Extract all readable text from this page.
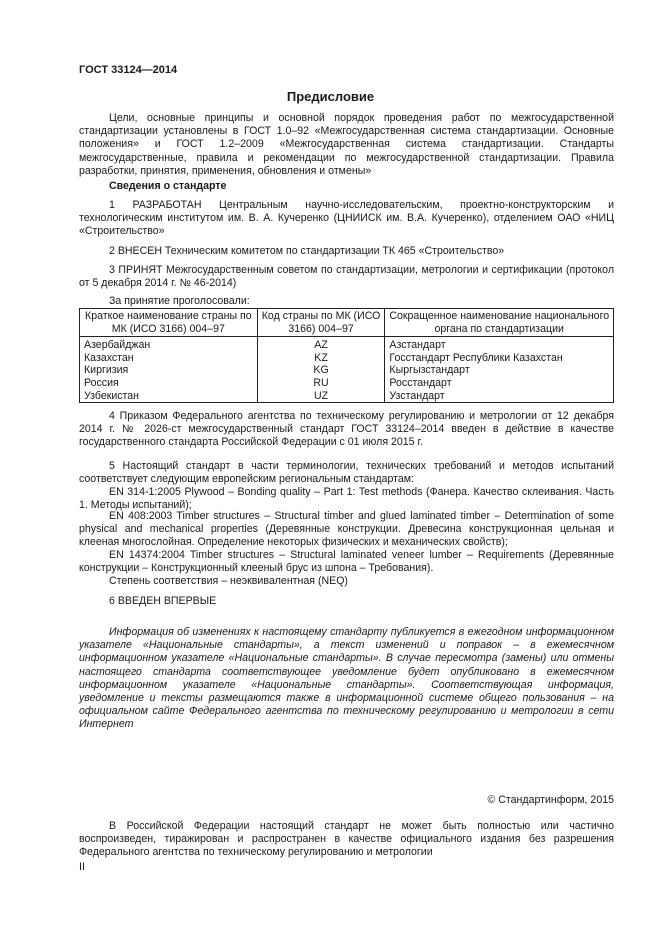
ГОСТ 33124—2014
Предисловие
Цели, основные принципы и основной порядок проведения работ по межгосударственной стандартизации установлены в ГОСТ 1.0–92 «Межгосударственная система стандартизации. Основные положения» и ГОСТ 1.2–2009 «Межгосударственная система стандартизации. Стандарты межгосударственные, правила и рекомендации по межгосударственной стандартизации. Правила разработки, принятия, применения, обновления и отмены»
Сведения о стандарте
1 РАЗРАБОТАН Центральным научно-исследовательским, проектно-конструкторским и технологическим институтом им. В. А. Кучеренко (ЦНИИСК им. В.А. Кучеренко), отделением ОАО «НИЦ «Строительство»
2 ВНЕСЕН Техническим комитетом по стандартизации ТК 465 «Строительство»
3 ПРИНЯТ Межгосударственным советом по стандартизации, метрологии и сертификации (протокол от 5 декабря 2014 г. № 46-2014)
За принятие проголосовали:
Краткое наименование страны по МК (ИСО 3166) 004–97	Код страны по МК (ИСО 3166) 004–97	Сокращенное наименование национального органа по стандартизации
Азербайджан	AZ	Азстандарт
Казахстан	KZ	Госстандарт Республики Казахстан
Киргизия	KG	Кыргызстандарт
Россия	RU	Росстандарт
Узбекистан	UZ	Узстандарт
4 Приказом Федерального агентства по техническому регулированию и метрологии от 12 декабря 2014 г. № 2026-ст межгосударственный стандарт ГОСТ 33124–2014 введен в действие в качестве государственного стандарта Российской Федерации с 01 июля 2015 г.
5 Настоящий стандарт в части терминологии, технических требований и методов испытаний соответствует следующим европейским региональным стандартам:
EN 314-1:2005 Plywood – Bonding quality – Part 1: Test methods (Фанера. Качество склеивания. Часть 1. Методы испытаний);
EN 408:2003 Timber structures – Structural timber and glued laminated timber – Determination of some physical and mechanical properties (Деревянные конструкции. Древесина конструкционная цельная и клееная многослойная. Определение некоторых физических и механических свойств);
EN 14374:2004 Timber structures – Structural laminated veneer lumber – Requirements (Деревянные конструкции – Конструкционный клееный брус из шпона – Требования).
Степень соответствия – неэквивалентная (NEQ)
6 ВВЕДЕН ВПЕРВЫЕ
Информация об изменениях к настоящему стандарту публикуется в ежегодном информационном указателе «Национальные стандарты», а текст изменений и поправок – в ежемесячном информационном указателе «Национальные стандарты». В случае пересмотра (замены) или отмены настоящего стандарта соответствующее уведомление будет опубликовано в ежемесячном информационном указателе «Национальные стандарты». Соответствующая информация, уведомление и тексты размещаются также в информационной системе общего пользования – на официальном сайте Федерального агентства по техническому регулированию и метрологии в сети Интернет
© Стандартинформ, 2015
В Российской Федерации настоящий стандарт не может быть полностью или частично воспроизведен, тиражирован и распространен в качестве официального издания без разрешения Федерального агентства по техническому регулированию и метрологии
II
